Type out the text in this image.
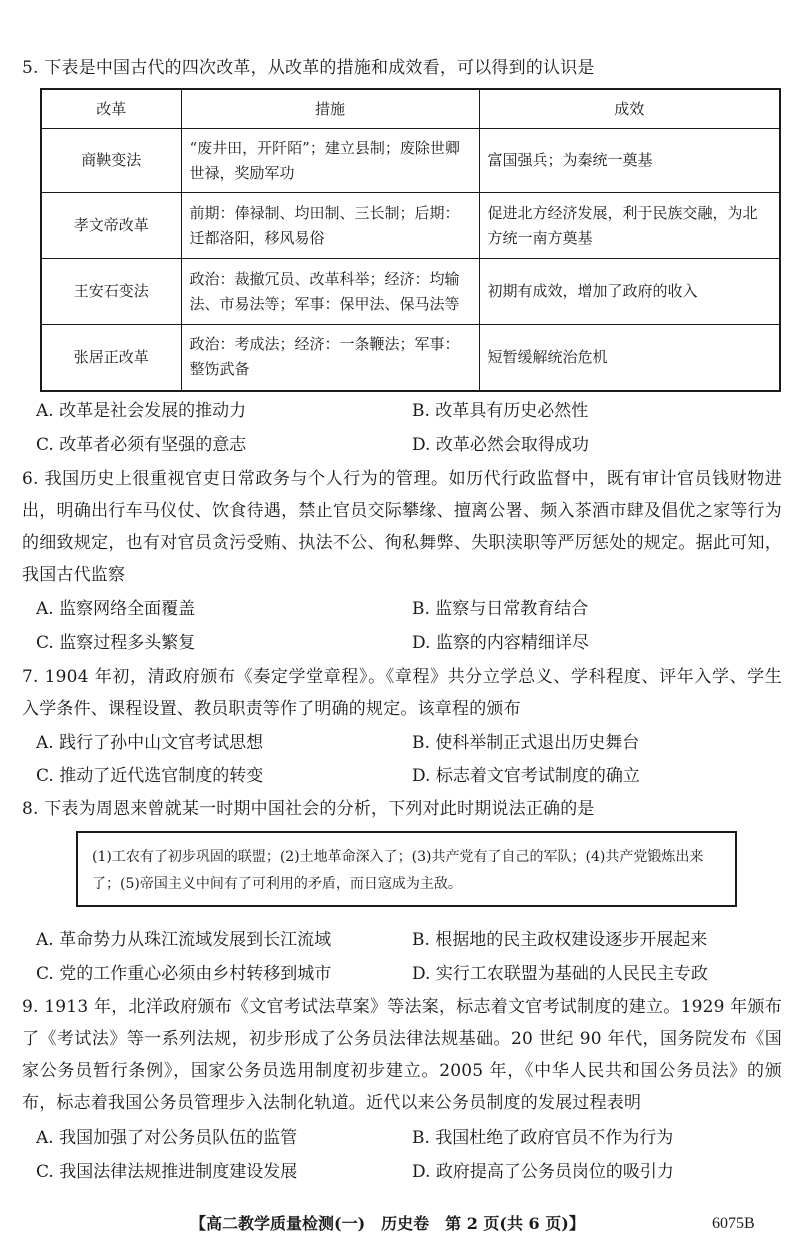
5. 下表是中国古代的四次改革，从改革的措施和成效看，可以得到的认识是
改革	措施	成效
商鞅变法	“废井田，开阡陌”；建立县制；废除世卿世禄，奖励军功	富国强兵；为秦统一奠基
孝文帝改革	前期：俸禄制、均田制、三长制；后期：迁都洛阳，移风易俗	促进北方经济发展，利于民族交融，为北方统一南方奠基
王安石变法	政治：裁撤冗员、改革科举；经济：均输法、市易法等；军事：保甲法、保马法等	初期有成效，增加了政府的收入
张居正改革	政治：考成法；经济：一条鞭法；军事：整饬武备	短暂缓解统治危机
A. 改革是社会发展的推动力	B. 改革具有历史必然性
C. 改革者必须有坚强的意志	D. 改革必然会取得成功
6. 我国历史上很重视官吏日常政务与个人行为的管理。如历代行政监督中，既有审计官员钱财物进出，明确出行车马仪仗、饮食待遇，禁止官员交际攀缘、擅离公署、频入茶酒市肆及倡优之家等行为的细致规定，也有对官员贪污受贿、执法不公、徇私舞弊、失职渎职等严厉惩处的规定。据此可知，我国古代监察
A. 监察网络全面覆盖	B. 监察与日常教育结合
C. 监察过程多头繁复	D. 监察的内容精细详尽
7. 1904 年初，清政府颁布《奏定学堂章程》。《章程》共分立学总义、学科程度、评年入学、学生入学条件、课程设置、教员职责等作了明确的规定。该章程的颁布
A. 践行了孙中山文官考试思想	B. 使科举制正式退出历史舞台
C. 推动了近代选官制度的转变	D. 标志着文官考试制度的确立
8. 下表为周恩来曾就某一时期中国社会的分析，下列对此时期说法正确的是
(1)工农有了初步巩固的联盟；(2)土地革命深入了；(3)共产党有了自己的军队；(4)共产党锻炼出来了；(5)帝国主义中间有了可利用的矛盾，而日寇成为主敌。
A. 革命势力从珠江流域发展到长江流域	B. 根据地的民主政权建设逐步开展起来
C. 党的工作重心必须由乡村转移到城市	D. 实行工农联盟为基础的人民民主专政
9. 1913 年，北洋政府颁布《文官考试法草案》等法案，标志着文官考试制度的建立。1929 年颁布了《考试法》等一系列法规，初步形成了公务员法律法规基础。20 世纪 90 年代，国务院发布《国家公务员暂行条例》，国家公务员选用制度初步建立。2005 年，《中华人民共和国公务员法》的颁布，标志着我国公务员管理步入法制化轨道。近代以来公务员制度的发展过程表明
A. 我国加强了对公务员队伍的监管	B. 我国杜绝了政府官员不作为行为
C. 我国法律法规推进制度建设发展	D. 政府提高了公务员岗位的吸引力
【高二教学质量检测(一)　历史卷　第 2 页(共 6 页)】	6075B
